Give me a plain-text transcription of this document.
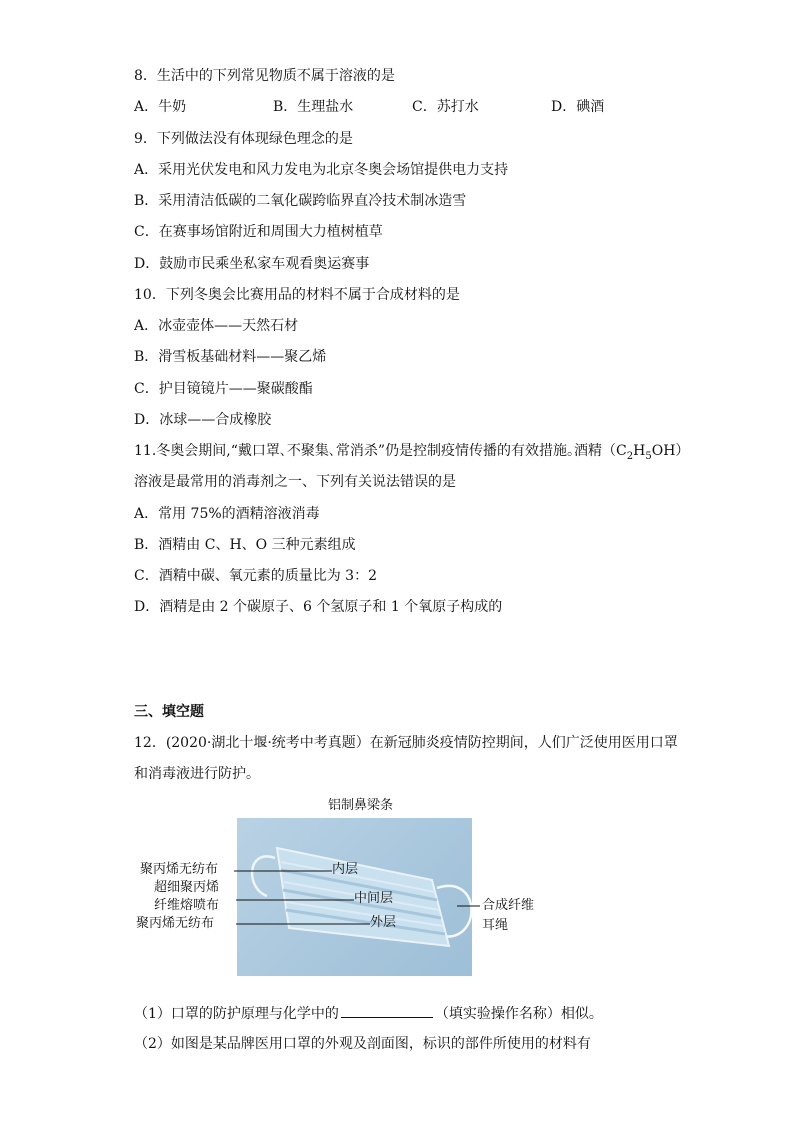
8．生活中的下列常见物质不属于溶液的是
A．牛奶	B．生理盐水	C．苏打水	D．碘酒
9．下列做法没有体现绿色理念的是
A．采用光伏发电和风力发电为北京冬奥会场馆提供电力支持
B．采用清洁低碳的二氧化碳跨临界直冷技术制冰造雪
C．在赛事场馆附近和周围大力植树植草
D．鼓励市民乘坐私家车观看奥运赛事
10．下列冬奥会比赛用品的材料不属于合成材料的是
A．冰壶壶体——天然石材
B．滑雪板基础材料——聚乙烯
C．护目镜镜片——聚碳酸酯
D．冰球——合成橡胶
11.冬奥会期间,“戴口罩､不聚集､常消杀”仍是控制疫情传播的有效措施｡酒精$(C_2H_5OH)$
溶液是最常用的消毒剂之一、下列有关说法错误的是
A．常用 75%的酒精溶液消毒
B．酒精由 C、H、O 三种元素组成
C．酒精中碳、氧元素的质量比为 3：2
D．酒精是由 2 个碳原子、6 个氢原子和 1 个氧原子构成的
三、填空题
12．(2020·湖北十堰·统考中考真题）在新冠肺炎疫情防控期间，人们广泛使用医用口罩
和消毒液进行防护。
铝制鼻梁条
聚丙烯无纺布
超细聚丙烯
纤维熔喷布
聚丙烯无纺布
内层
中间层
外层
合成纤维
耳绳
（1）口罩的防护原理与化学中的	（填实验操作名称）相似。
（2）如图是某品牌医用口罩的外观及剖面图，标识的部件所使用的材料有
